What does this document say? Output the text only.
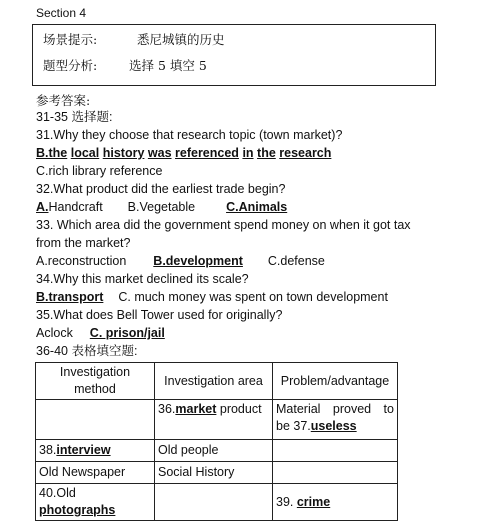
Section 4
场景提示:	悉尼城镇的历史
题型分析:	选择 5 填空 5
参考答案:
31-35 选择题:
31.Why they choose that research topic (town market)?
B.the local history was referenced in the research
C.rich library reference
32.What product did the earliest trade begin?
A.Handcraft B.Vegetable C.Animals
33. Which area did the government spend money on when it got tax
from the market?
A.reconstruction B.development C.defense
34.Why this market declined its scale?
B.transport C. much money was spent on town development
35.What does Bell Tower used for originally?
Aclock C. prison/jail
36-40 表格填空题:
Investigation method	Investigation area	Problem/advantage
	36.market product	Material proved to
be 37.useless
38.interview	Old people	
Old Newspaper	Social History	
40.Old
photographs		39. crime
